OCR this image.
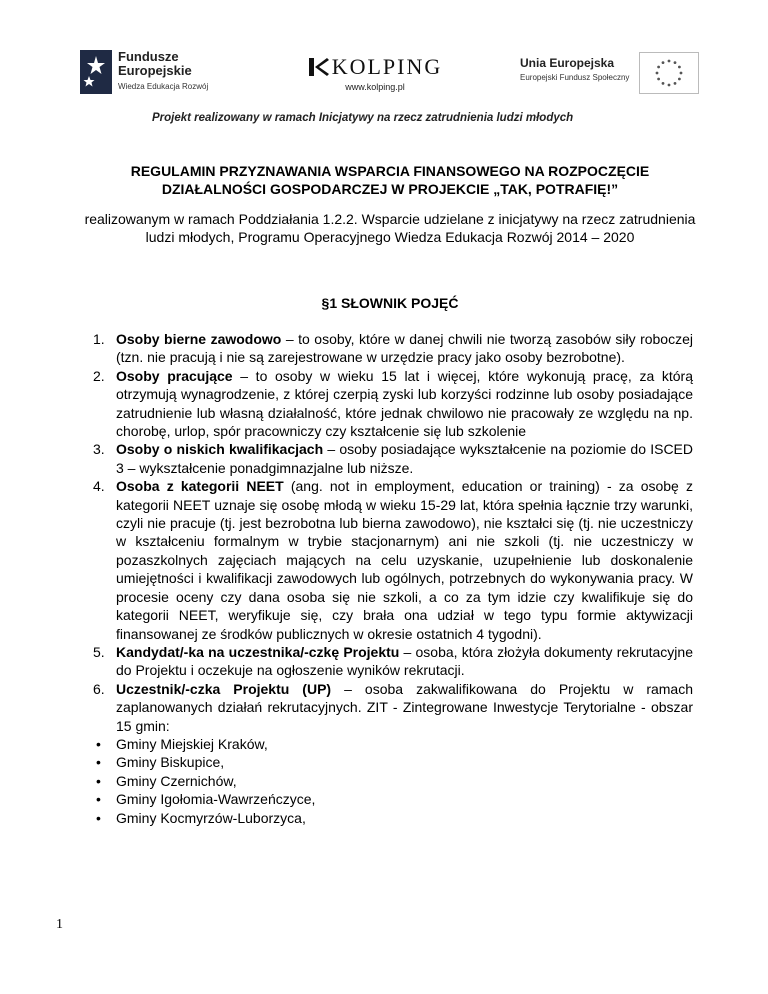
Fundusze
Europejskie
Wiedza Edukacja Rozwój
KOLPING
www.kolping.pl
Unia Europejska
Europejski Fundusz Społeczny
Projekt realizowany w ramach Inicjatywy na rzecz zatrudnienia ludzi młodych
REGULAMIN PRZYZNAWANIA WSPARCIA FINANSOWEGO NA ROZPOCZĘCIE
DZIAŁALNOŚCI GOSPODARCZEJ W PROJEKCIE „TAK, POTRAFIĘ!”
realizowanym w ramach Poddziałania 1.2.2. Wsparcie udzielane z inicjatywy na rzecz zatrudnienia ludzi młodych, Programu Operacyjnego Wiedza Edukacja Rozwój 2014 – 2020
§1 SŁOWNIK POJĘĆ
1. Osoby bierne zawodowo – to osoby, które w danej chwili nie tworzą zasobów siły roboczej (tzn. nie pracują i nie są zarejestrowane w urzędzie pracy jako osoby bezrobotne).
2. Osoby pracujące – to osoby w wieku 15 lat i więcej, które wykonują pracę, za którą otrzymują wynagrodzenie, z której czerpią zyski lub korzyści rodzinne lub osoby posiadające zatrudnienie lub własną działalność, które jednak chwilowo nie pracowały ze względu na np. chorobę, urlop, spór pracowniczy czy kształcenie się lub szkolenie
3. Osoby o niskich kwalifikacjach – osoby posiadające wykształcenie na poziomie do ISCED 3 – wykształcenie ponadgimnazjalne lub niższe.
4. Osoba z kategorii NEET (ang. not in employment, education or training) - za osobę z kategorii NEET uznaje się osobę młodą w wieku 15-29 lat, która spełnia łącznie trzy warunki, czyli nie pracuje (tj. jest bezrobotna lub bierna zawodowo), nie kształci się (tj. nie uczestniczy w kształceniu formalnym w trybie stacjonarnym) ani nie szkoli (tj. nie uczestniczy w pozaszkolnych zajęciach mających na celu uzyskanie, uzupełnienie lub doskonalenie umiejętności i kwalifikacji zawodowych lub ogólnych, potrzebnych do wykonywania pracy. W procesie oceny czy dana osoba się nie szkoli, a co za tym idzie czy kwalifikuje się do kategorii NEET, weryfikuje się, czy brała ona udział w tego typu formie aktywizacji finansowanej ze środków publicznych w okresie ostatnich 4 tygodni).
5. Kandydat/-ka na uczestnika/-czkę Projektu – osoba, która złożyła dokumenty rekrutacyjne do Projektu i oczekuje na ogłoszenie wyników rekrutacji.
6. Uczestnik/-czka Projektu (UP) – osoba zakwalifikowana do Projektu w ramach zaplanowanych działań rekrutacyjnych. ZIT - Zintegrowane Inwestycje Terytorialne - obszar 15 gmin:
• Gminy Miejskiej Kraków,
• Gminy Biskupice,
• Gminy Czernichów,
• Gminy Igołomia-Wawrzeńczyce,
• Gminy Kocmyrzów-Luborzyca,
1
